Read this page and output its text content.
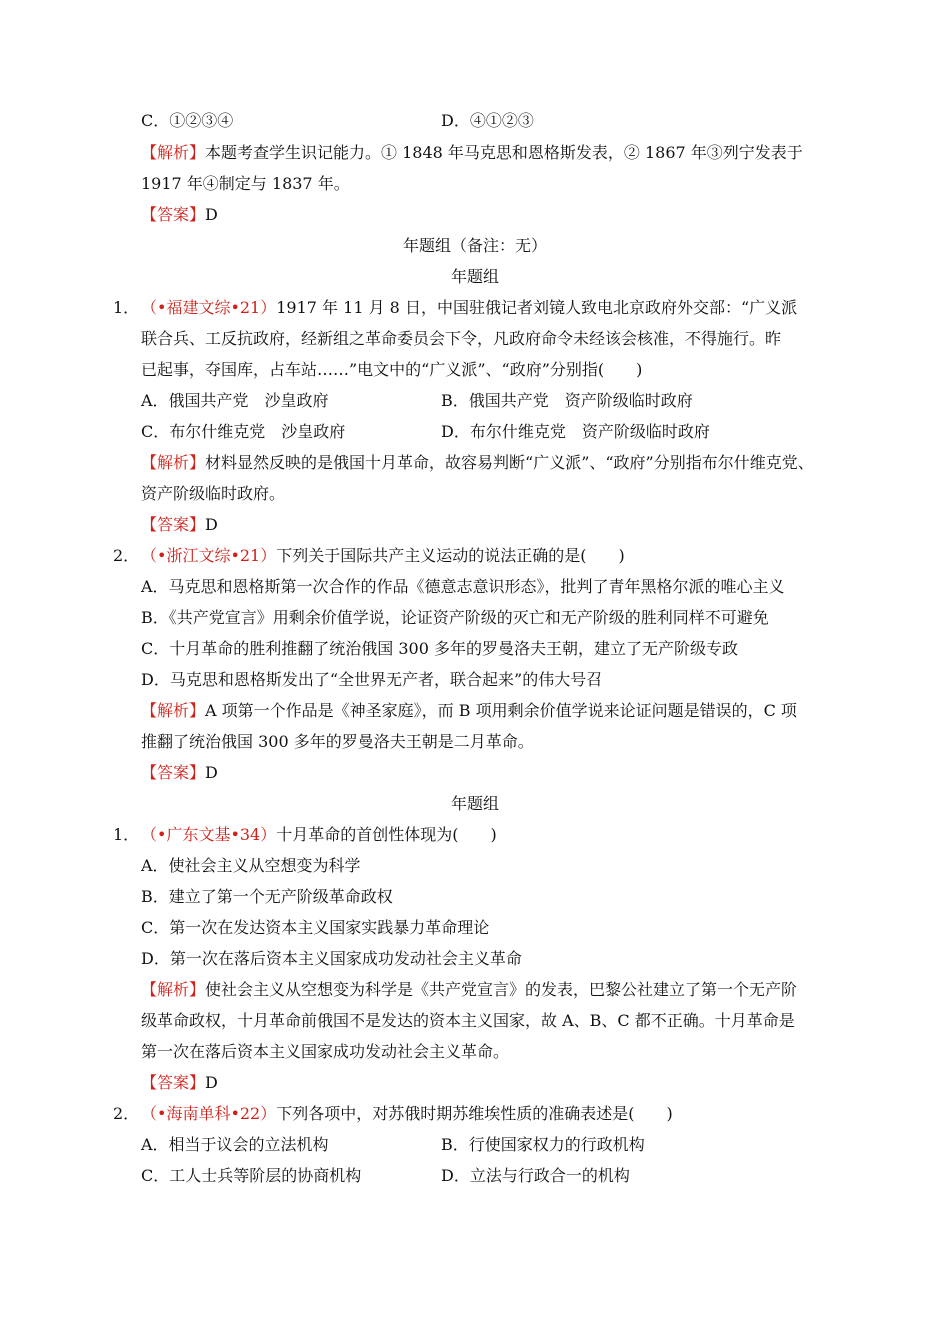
C．①②③④	D．④①②③
【解析】本题考查学生识记能力。① 1848 年马克思和恩格斯发表，② 1867 年③列宁发表于
1917 年④制定与 1837 年。
【答案】D
年题组（备注：无）
年题组
1． （•福建文综•21）1917 年 11 月 8 日，中国驻俄记者刘镜人致电北京政府外交部：“广义派
联合兵、工反抗政府，经新组之革命委员会下令，凡政府命令未经该会核准，不得施行。昨
已起事，夺国库，占车站……”电文中的“广义派”、“政府”分别指(　　)
A．俄国共产党　沙皇政府	B．俄国共产党　资产阶级临时政府
C．布尔什维克党　沙皇政府	D．布尔什维克党　资产阶级临时政府
【解析】材料显然反映的是俄国十月革命，故容易判断“广义派”、“政府”分别指布尔什维克党、
资产阶级临时政府。
【答案】D
2． （•浙江文综•21）下列关于国际共产主义运动的说法正确的是(　　)
A．马克思和恩格斯第一次合作的作品《德意志意识形态》，批判了青年黑格尔派的唯心主义
B．《共产党宣言》用剩余价值学说，论证资产阶级的灭亡和无产阶级的胜利同样不可避免
C．十月革命的胜利推翻了统治俄国 300 多年的罗曼洛夫王朝，建立了无产阶级专政
D．马克思和恩格斯发出了“全世界无产者，联合起来”的伟大号召
【解析】A 项第一个作品是《神圣家庭》，而 B 项用剩余价值学说来论证问题是错误的，C 项
推翻了统治俄国 300 多年的罗曼洛夫王朝是二月革命。
【答案】D
年题组
1． （•广东文基•34）十月革命的首创性体现为(　　)
A．使社会主义从空想变为科学
B．建立了第一个无产阶级革命政权
C．第一次在发达资本主义国家实践暴力革命理论
D．第一次在落后资本主义国家成功发动社会主义革命
【解析】使社会主义从空想变为科学是《共产党宣言》的发表，巴黎公社建立了第一个无产阶
级革命政权，十月革命前俄国不是发达的资本主义国家，故 A、B、C 都不正确。十月革命是
第一次在落后资本主义国家成功发动社会主义革命。
【答案】D
2． （•海南单科•22）下列各项中，对苏俄时期苏维埃性质的准确表述是(　　)
A．相当于议会的立法机构	B．行使国家权力的行政机构
C．工人士兵等阶层的协商机构	D．立法与行政合一的机构
